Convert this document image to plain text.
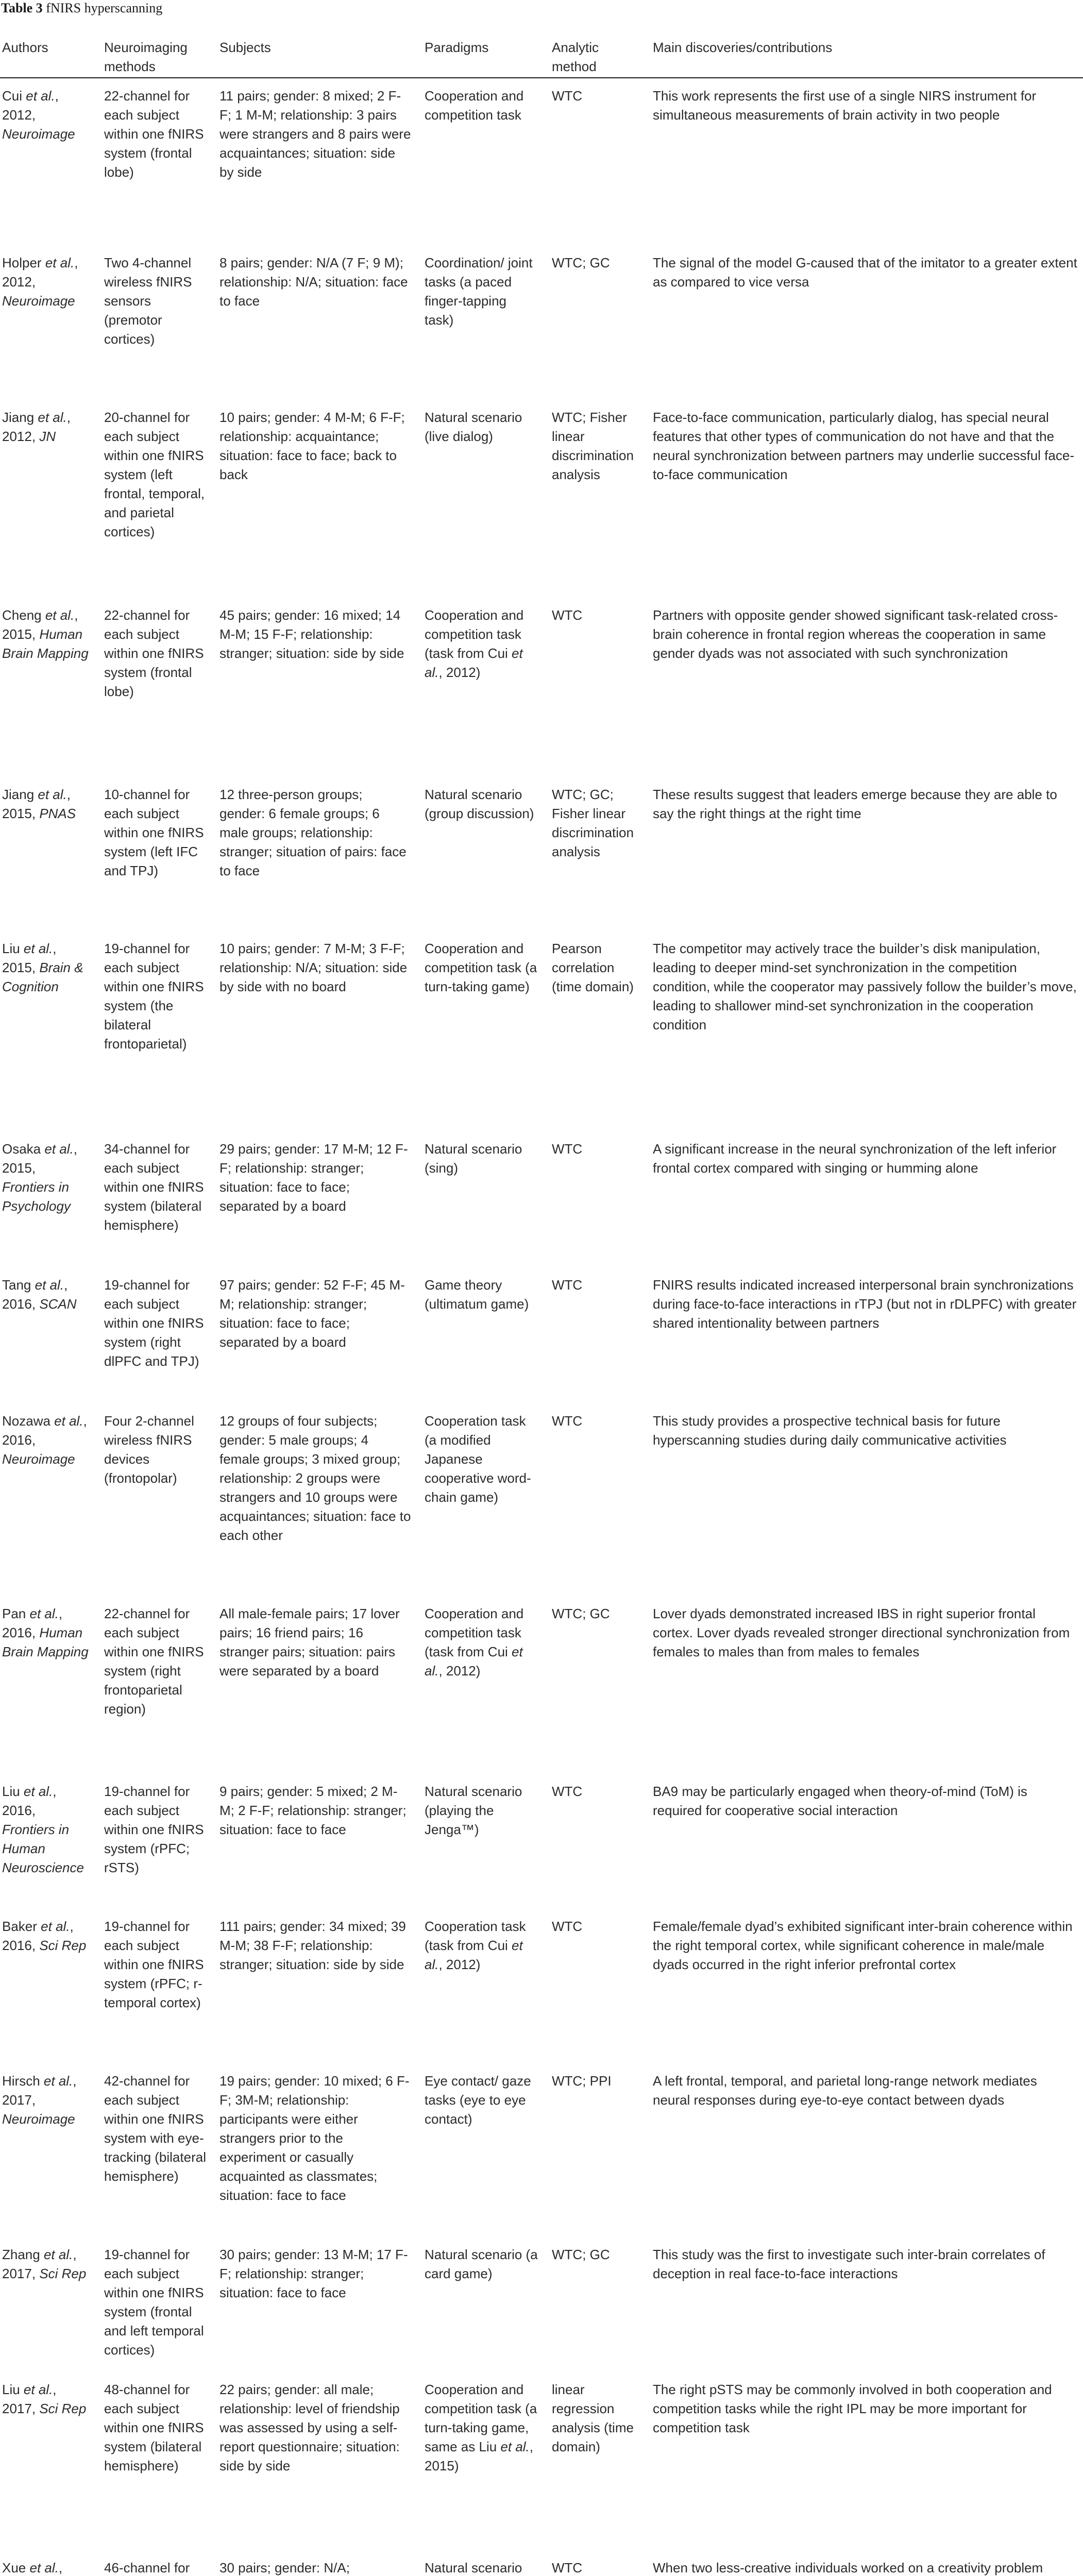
Table 3 fNIRS hyperscanning
Authors	Neuroimaging methods	Subjects	Paradigms	Analytic method	Main discoveries/contributions
Cui et al., 2012, Neuroimage	22-channel for each subject within one fNIRS system (frontal lobe)	11 pairs; gender: 8 mixed; 2 F-F; 1 M-M; relationship: 3 pairs were strangers and 8 pairs were acquaintances; situation: side by side	Cooperation and competition task	WTC	This work represents the first use of a single NIRS instrument for simultaneous measurements of brain activity in two people
Holper et al., 2012, Neuroimage	Two 4-channel wireless fNIRS sensors (premotor cortices)	8 pairs; gender: N/A (7 F; 9 M); relationship: N/A; situation: face to face	Coordination/ joint tasks (a paced finger-tapping task)	WTC; GC	The signal of the model G-caused that of the imitator to a greater extent as compared to vice versa
Jiang et al., 2012, JN	20-channel for each subject within one fNIRS system (left frontal, temporal, and parietal cortices)	10 pairs; gender: 4 M-M; 6 F-F; relationship: acquaintance; situation: face to face; back to back	Natural scenario (live dialog)	WTC; Fisher linear discrimination analysis	Face-to-face communication, particularly dialog, has special neural features that other types of communication do not have and that the neural synchronization between partners may underlie successful face-to-face communication
Cheng et al., 2015, Human Brain Mapping	22-channel for each subject within one fNIRS system (frontal lobe)	45 pairs; gender: 16 mixed; 14 M-M; 15 F-F; relationship: stranger; situation: side by side	Cooperation and competition task (task from Cui et al., 2012)	WTC	Partners with opposite gender showed significant task-related cross-brain coherence in frontal region whereas the cooperation in same gender dyads was not associated with such synchronization
Jiang et al., 2015, PNAS	10-channel for each subject within one fNIRS system (left IFC and TPJ)	12 three-person groups; gender: 6 female groups; 6 male groups; relationship: stranger; situation of pairs: face to face	Natural scenario (group discussion)	WTC; GC; Fisher linear discrimination analysis	These results suggest that leaders emerge because they are able to say the right things at the right time
Liu et al., 2015, Brain & Cognition	19-channel for each subject within one fNIRS system (the bilateral frontoparietal)	10 pairs; gender: 7 M-M; 3 F-F; relationship: N/A; situation: side by side with no board	Cooperation and competition task (a turn-taking game)	Pearson correlation (time domain)	The competitor may actively trace the builder’s disk manipulation, leading to deeper mind-set synchronization in the competition condition, while the cooperator may passively follow the builder’s move, leading to shallower mind-set synchronization in the cooperation condition
Osaka et al., 2015, Frontiers in Psychology	34-channel for each subject within one fNIRS system (bilateral hemisphere)	29 pairs; gender: 17 M-M; 12 F-F; relationship: stranger; situation: face to face; separated by a board	Natural scenario (sing)	WTC	A significant increase in the neural synchronization of the left inferior frontal cortex compared with singing or humming alone
Tang et al., 2016, SCAN	19-channel for each subject within one fNIRS system (right dlPFC and TPJ)	97 pairs; gender: 52 F-F; 45 M-M; relationship: stranger; situation: face to face; separated by a board	Game theory (ultimatum game)	WTC	FNIRS results indicated increased interpersonal brain synchronizations during face-to-face interactions in rTPJ (but not in rDLPFC) with greater shared intentionality between partners
Nozawa et al., 2016, Neuroimage	Four 2-channel wireless fNIRS devices (frontopolar)	12 groups of four subjects; gender: 5 male groups; 4 female groups; 3 mixed group; relationship: 2 groups were strangers and 10 groups were acquaintances; situation: face to each other	Cooperation task (a modified Japanese cooperative word-chain game)	WTC	This study provides a prospective technical basis for future hyperscanning studies during daily communicative activities
Pan et al., 2016, Human Brain Mapping	22-channel for each subject within one fNIRS system (right frontoparietal region)	All male-female pairs; 17 lover pairs; 16 friend pairs; 16 stranger pairs; situation: pairs were separated by a board	Cooperation and competition task (task from Cui et al., 2012)	WTC; GC	Lover dyads demonstrated increased IBS in right superior frontal cortex. Lover dyads revealed stronger directional synchronization from females to males than from males to females
Liu et al., 2016, Frontiers in Human Neuroscience	19-channel for each subject within one fNIRS system (rPFC; rSTS)	9 pairs; gender: 5 mixed; 2 M-M; 2 F-F; relationship: stranger; situation: face to face	Natural scenario (playing the Jenga™)	WTC	BA9 may be particularly engaged when theory-of-mind (ToM) is required for cooperative social interaction
Baker et al., 2016, Sci Rep	19-channel for each subject within one fNIRS system (rPFC; r-temporal cortex)	111 pairs; gender: 34 mixed; 39 M-M; 38 F-F; relationship: stranger; situation: side by side	Cooperation task (task from Cui et al., 2012)	WTC	Female/female dyad’s exhibited significant inter-brain coherence within the right temporal cortex, while significant coherence in male/male dyads occurred in the right inferior prefrontal cortex
Hirsch et al., 2017, Neuroimage	42-channel for each subject within one fNIRS system with eye-tracking (bilateral hemisphere)	19 pairs; gender: 10 mixed; 6 F-F; 3M-M; relationship: participants were either strangers prior to the experiment or casually acquainted as classmates; situation: face to face	Eye contact/ gaze tasks (eye to eye contact)	WTC; PPI	A left frontal, temporal, and parietal long-range network mediates neural responses during eye-to-eye contact between dyads
Zhang et al., 2017, Sci Rep	19-channel for each subject within one fNIRS system (frontal and left temporal cortices)	30 pairs; gender: 13 M-M; 17 F-F; relationship: stranger; situation: face to face	Natural scenario (a card game)	WTC; GC	This study was the first to investigate such inter-brain correlates of deception in real face-to-face interactions
Liu et al., 2017, Sci Rep	48-channel for each subject within one fNIRS system (bilateral hemisphere)	22 pairs; gender: all male; relationship: level of friendship was assessed by using a self-report questionnaire; situation: side by side	Cooperation and competition task (a turn-taking game, same as Liu et al., 2015)	linear regression analysis (time domain)	The right pSTS may be commonly involved in both cooperation and competition tasks while the right IPL may be more important for competition task
Xue et al.,	46-channel for	30 pairs; gender: N/A;	Natural scenario	WTC	When two less-creative individuals worked on a creativity problem
